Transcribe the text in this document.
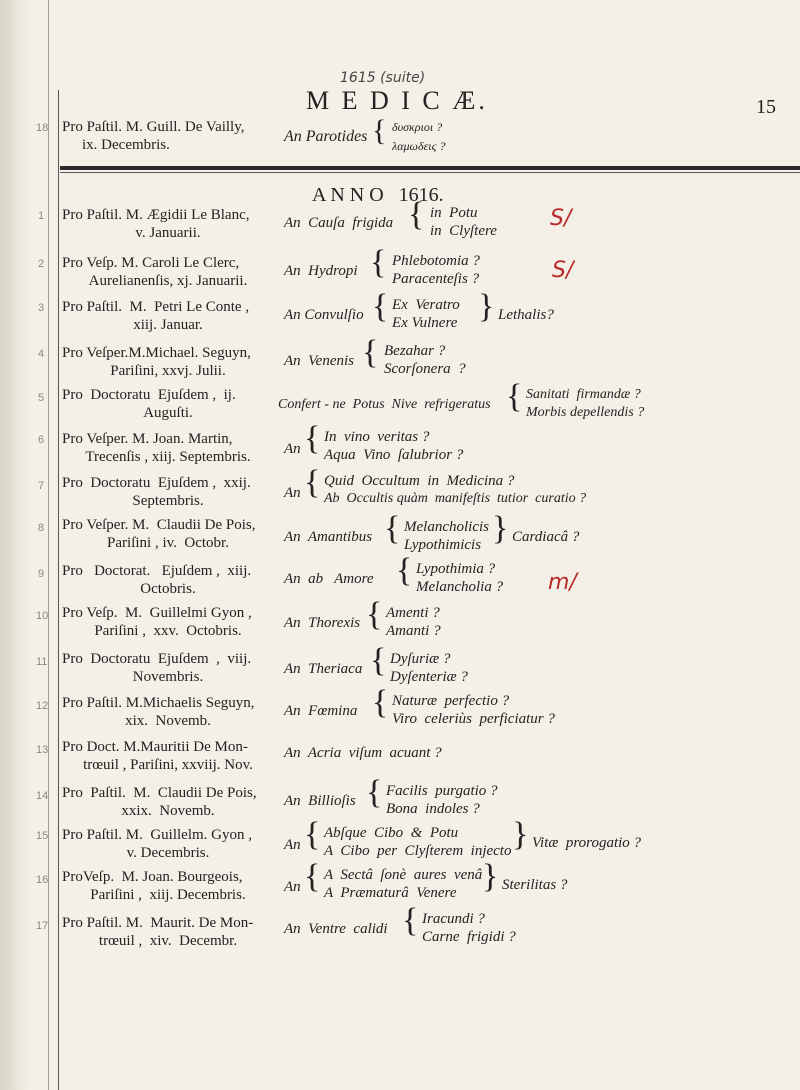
1615 (suite)
M E D I C Æ.	15
18 Pro Paſtil. M. Guill. De Vailly,
ix. Decembris.	An Parotides { δυσκριοι ?
λαμωδεις ?
A N N O   1616.
1 Pro Paſtil. M. Ægidii Le Blanc,
v. Januarii.
An  Cauſa  frigida { in  Potu
in  Clyſtere S/
2 Pro Veſp. M. Caroli Le Clerc,
Aurelianenſis, xj. Januarii.
An  Hydropi { Phlebotomia ?
Paracenteſis ?	S/
3 Pro Paſtil.  M.  Petri Le Conte ,
xiij. Januar.
An Convulſio { Ex  Veratro
Ex Vulnere } Lethalis?
4 Pro Veſper.M.Michael. Seguyn,
Pariſini, xxvj. Julii.
An  Venenis { Bezahar ?
Scorſonera  ?
5 Pro  Doctoratu  Ejuſdem ,  ij.
Auguſti.
Confert - ne  Potus  Nive  refrigeratus { Sanitati  firmandæ ?
Morbis depellendis ?
6 Pro Veſper. M. Joan. Martin,
Trecenſis , xiij. Septembris.	An { In  vino  veritas ?
Aqua  Vino  ſalubrior ?
7 Pro  Doctoratu  Ejuſdem ,  xxij.
Septembris.	An { Quid  Occultum  in  Medicina ?
Ab  Occultis quàm  manifeſtis  tutior  curatio ?
8 Pro Veſper. M.  Claudii De Pois,
Pariſini , iv.  Octobr.	An  Amantibus { Melancholicis
Lypothimicis } Cardiacâ ?
9 Pro   Doctorat.   Ejuſdem ,  xiij.
Octobris.
An  ab   Amore { Lypothimia ?
Melancholia ? m/
10 Pro Veſp.  M.  Guillelmi Gyon ,
Pariſini ,  xxv.  Octobris.	An  Thorexis { Amenti ?
Amanti ?
11 Pro  Doctoratu  Ejuſdem  ,  viij.
Novembris.	An  Theriaca { Dyſuriæ ?
Dyſenteriæ ?
12 Pro Paſtil. M.Michaelis Seguyn,
xix.  Novemb.
An  Fœmina { Naturæ  perfectio ?
Viro  celeriùs  perficiatur ?
13 Pro Doct. M.Mauritii De Mon-
trœuil , Pariſini, xxviij. Nov.
An  Acria  viſum  acuant ?
14 Pro  Paſtil.  M.  Claudii De Pois,
xxix.  Novemb.
An  Billioſis { Facilis  purgatio ?
Bona  indoles ?
15 Pro Paſtil. M.  Guillelm. Gyon ,
v. Decembris.	An { Abſque  Cibo  &  Potu
A  Cibo  per  Clyſterem  injecto } Vitæ  prorogatio ?
16 ProVeſp.  M. Joan. Bourgeois,
Pariſini ,  xiij. Decembris.	An { A  Sectâ  ſonè  aures  venâ
A  Præmaturâ  Venere } Sterilitas ?
17 Pro Paſtil. M.  Maurit. De Mon-
trœuil ,  xiv.  Decembr.
An  Ventre  calidi { Iracundi ?
Carne  frigidi ?
